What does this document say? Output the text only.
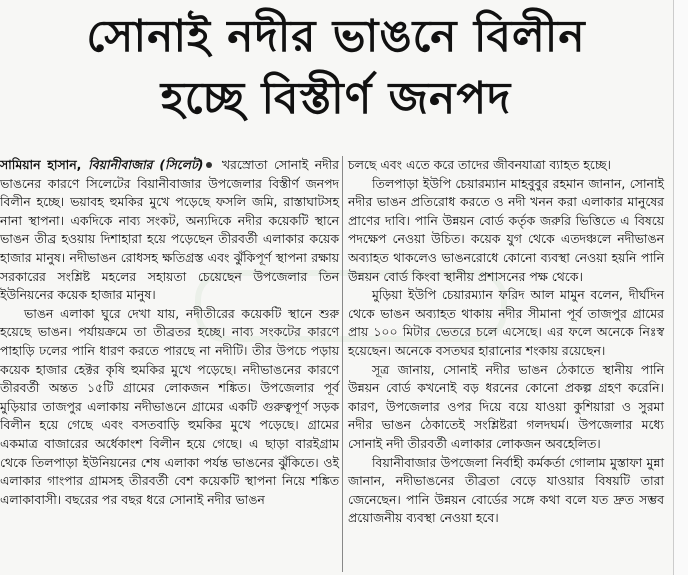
সোনাই নদীর ভাঙনে বিলীন
হচ্ছে বিস্তীর্ণ জনপদ

সামিয়ান হাসান, বিয়ানীবাজার (সিলেট) খরস্রোতা সোনাই নদীর ভাঙনের কারণে সিলেটের বিয়ানীবাজার উপজেলার বিস্তীর্ণ জনপদ বিলীন হচ্ছে। ভয়াবহ হুমকির মুখে পড়েছে ফসলি জমি, রাস্তাঘাটসহ নানা স্থাপনা। একদিকে নাব্য সংকট, অন্যদিকে নদীর কয়েকটি স্থানে ভাঙন তীব্র হওয়ায় দিশাহারা হয়ে পড়েছেন তীরবর্তী এলাকার কয়েক হাজার মানুষ। নদীভাঙন রোধসহ ক্ষতিগ্রস্ত এবং ঝুঁকিপূর্ণ স্থাপনা রক্ষায় সরকারের সংশ্লিষ্ট মহলের সহায়তা চেয়েছেন উপজেলার তিন ইউনিয়নের কয়েক হাজার মানুষ।

ভাঙন এলাকা ঘুরে দেখা যায়, নদীতীরের কয়েকটি স্থানে শুরু হয়েছে ভাঙন। পর্যায়ক্রমে তা তীব্রতর হচ্ছে। নাব্য সংকটের কারণে পাহাড়ি ঢলের পানি ধারণ করতে পারছে না নদীটি। তীর উপচে পড়ায় কয়েক হাজার হেক্টর কৃষি হুমকির মুখে পড়েছে। নদীভাঙনের কারণে তীরবর্তী অন্তত ১৫টি গ্রামের লোকজন শঙ্কিত। উপজেলার পূর্ব মুড়িয়ার তাজপুর এলাকায় নদীভাঙনে গ্রামের একটি গুরুত্বপূর্ণ সড়ক বিলীন হয়ে গেছে এবং বসতবাড়ি হুমকির মুখে পড়েছে। গ্রামের একমাত্র বাজারের অর্ধেকাংশ বিলীন হয়ে গেছে। এ ছাড়া বারইগ্রাম থেকে তিলপাড়া ইউনিয়নের শেষ এলাকা পর্যন্ত ভাঙনের ঝুঁকিতে। ওই এলাকার গাংপার গ্রামসহ তীরবর্তী বেশ কয়েকটি স্থাপনা নিয়ে শঙ্কিত এলাকাবাসী। বছরের পর বছর ধরে সোনাই নদীর ভাঙন

চলছে এবং এতে করে তাদের জীবনযাত্রা ব্যাহত হচ্ছে।

তিলপাড়া ইউপি চেয়ারম্যান মাহবুবুর রহমান জানান, সোনাই নদীর ভাঙন প্রতিরোধ করতে ও নদী খনন করা এলাকার মানুষের প্রাণের দাবি। পানি উন্নয়ন বোর্ড কর্তৃক জরুরি ভিত্তিতে এ বিষয়ে পদক্ষেপ নেওয়া উচিত। কয়েক যুগ থেকে এতদঞ্চলে নদীভাঙন অব্যাহত থাকলেও ভাঙনরোধে কোনো ব্যবস্থা নেওয়া হয়নি পানি উন্নয়ন বোর্ড কিংবা স্থানীয় প্রশাসনের পক্ষ থেকে।

মুড়িয়া ইউপি চেয়ারম্যান ফরিদ আল মামুন বলেন, দীর্ঘদিন থেকে ভাঙন অব্যাহত থাকায় নদীর সীমানা পূর্ব তাজপুর গ্রামের প্রায় ১০০ মিটার ভেতরে চলে এসেছে। এর ফলে অনেকে নিঃস্ব হয়েছেন। অনেকে বসতঘর হারানোর শংকায় রয়েছেন।

সূত্র জানায়, সোনাই নদীর ভাঙন ঠেকাতে স্থানীয় পানি উন্নয়ন বোর্ড কখনোই বড় ধরনের কোনো প্রকল্প গ্রহণ করেনি। কারণ, উপজেলার ওপর দিয়ে বয়ে যাওয়া কুশিয়ারা ও সুরমা নদীর ভাঙন ঠেকাতেই সংশ্লিষ্টরা গলদঘর্ম। উপজেলার মধ্যে সোনাই নদী তীরবর্তী এলাকার লোকজন অবহেলিত।

বিয়ানীবাজার উপজেলা নির্বাহী কর্মকর্তা গোলাম মুস্তাফা মুন্না জানান, নদীভাঙনের তীব্রতা বেড়ে যাওয়ার বিষয়টি তারা জেনেছেন। পানি উন্নয়ন বোর্ডের সঙ্গে কথা বলে যত দ্রুত সম্ভব প্রয়োজনীয় ব্যবস্থা নেওয়া হবে।
